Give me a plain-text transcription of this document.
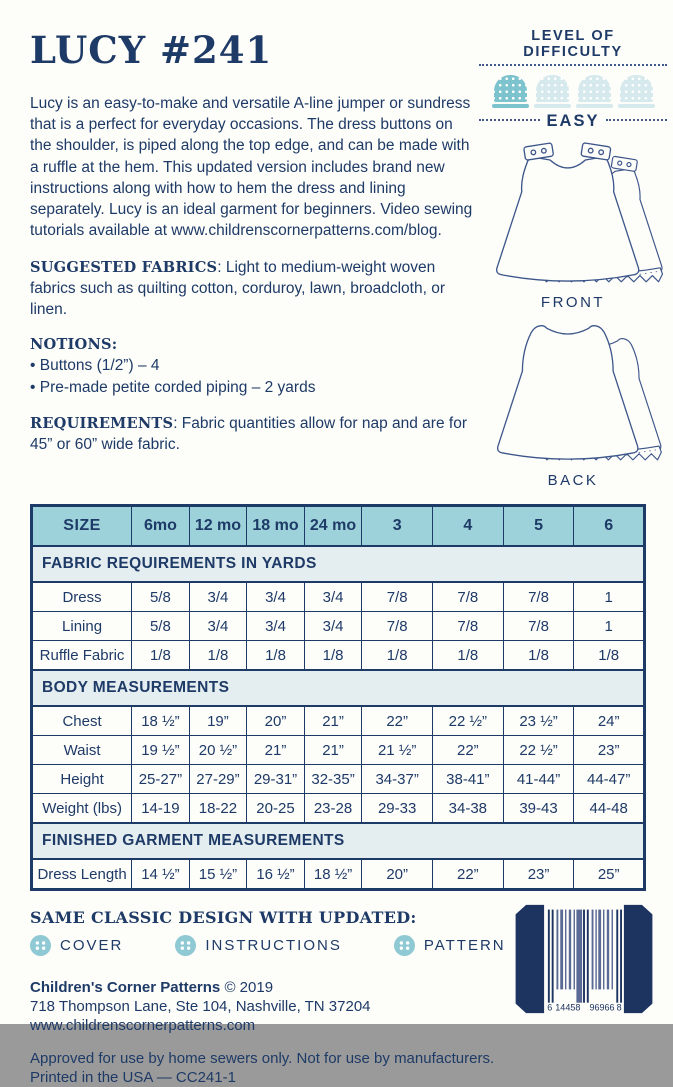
LUCY #241

Lucy is an easy-to-make and versatile A-line jumper or sundress that is a perfect for everyday occasions. The dress buttons on the shoulder, is piped along the top edge, and can be made with a ruffle at the hem. This updated version includes brand new instructions along with how to hem the dress and lining separately. Lucy is an ideal garment for beginners. Video sewing tutorials available at www.childrenscornerpatterns.com/blog.

SUGGESTED FABRICS: Light to medium-weight woven fabrics such as quilting cotton, corduroy, lawn, broadcloth, or linen.

NOTIONS:

• Buttons (1/2”) – 4

• Pre-made petite corded piping – 2 yards

REQUIREMENTS: Fabric quantities allow for nap and are for 45” or 60” wide fabric.

LEVEL OF DIFFICULTY
EASY
FRONT
BACK
SIZE	6mo	12 mo	18 mo	24 mo	3	4	5	6
FABRIC REQUIREMENTS IN YARDS								
Dress	5/8	3/4	3/4	3/4	7/8	7/8	7/8	1
Lining	5/8	3/4	3/4	3/4	7/8	7/8	7/8	1
Ruffle Fabric	1/8	1/8	1/8	1/8	1/8	1/8	1/8	1/8
BODY MEASUREMENTS								
Chest	18 ½”	19”	20”	21”	22”	22 ½”	23 ½”	24”
Waist	19 ½”	20 ½”	21”	21”	21 ½”	22”	22 ½”	23”
Height	25-27”	27-29”	29-31”	32-35”	34-37”	38-41”	41-44”	44-47”
Weight (lbs)	14-19	18-22	20-25	23-28	29-33	34-38	39-43	44-48
FINISHED GARMENT MEASUREMENTS								
Dress Length	14 ½”	15 ½”	16 ½”	18 ½”	20”	22”	23”	25”
SAME CLASSIC DESIGN WITH UPDATED:
COVER	INSTRUCTIONS	PATTERN
Children's Corner Patterns © 2019
718 Thompson Lane, Ste 104, Nashville, TN 37204
www.childrenscornerpatterns.com
Approved for use by home sewers only. Not for use by manufacturers.
Printed in the USA — CC241-1
6 14458 96966 8
